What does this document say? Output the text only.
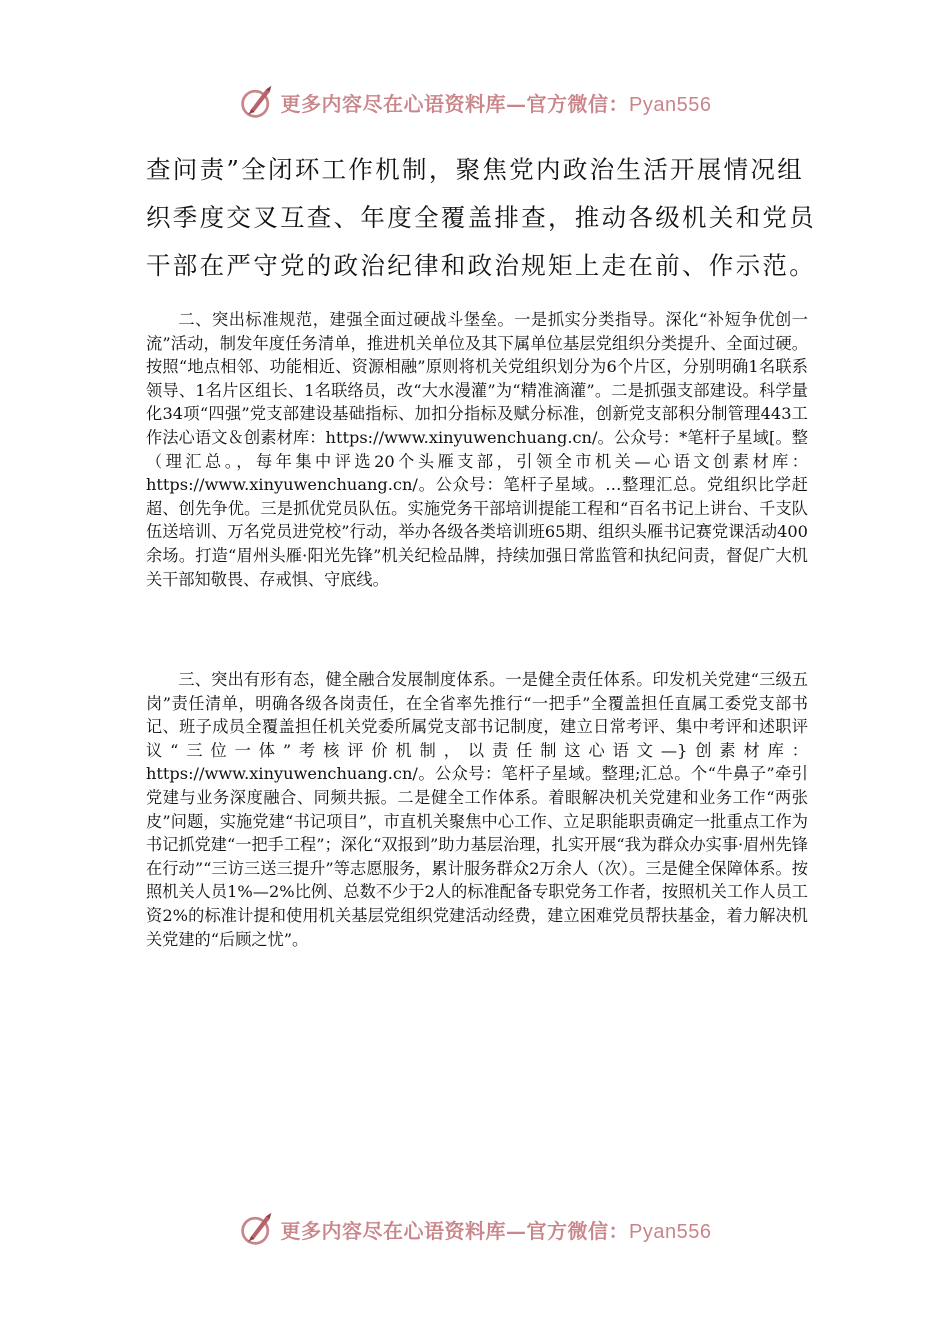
更多内容尽在心语资料库—官方微信：Pyan556

查问责”全闭环工作机制，聚焦党内政治生活开展情况组
织季度交叉互查、年度全覆盖排查，推动各级机关和党员
干部在严守党的政治纪律和政治规矩上走在前、作示范。

二、突出标准规范，建强全面过硬战斗堡垒。一是抓实分类指导。深化“补短争优创一流”活动，制发年度任务清单，推进机关单位及其下属单位基层党组织分类提升、全面过硬。按照“地点相邻、功能相近、资源相融”原则将机关党组织划分为6个片区，分别明确1名联系领导、1名片区组长、1名联络员，改“大水漫灌”为“精准滴灌”。二是抓强支部建设。科学量化34项“四强”党支部建设基础指标、加扣分指标及赋分标准，创新党支部积分制管理443工作法心语文＆创素材库：https://www.xinyuwenchuang.cn/。公众号：*笔杆子星域[。整（理汇总。，每年集中评选20个头雁支部，引领全市机关—心语文创素材库：https://www.xinyuwenchuang.cn/。公众号：笔杆子星域。…整理汇总。党组织比学赶超、创先争优。三是抓优党员队伍。实施党务干部培训提能工程和“百名书记上讲台、千支队伍送培训、万名党员进党校”行动，举办各级各类培训班65期、组织头雁书记赛党课活动400余场。打造“眉州头雁·阳光先锋”机关纪检品牌，持续加强日常监管和执纪问责，督促广大机关干部知敬畏、存戒惧、守底线。

三、突出有形有态，健全融合发展制度体系。一是健全责任体系。印发机关党建“三级五岗”责任清单，明确各级各岗责任，在全省率先推行“一把手”全覆盖担任直属工委党支部书记、班子成员全覆盖担任机关党委所属党支部书记制度，建立日常考评、集中考评和述职评议“三位一体”考核评价机制，以责任制这心语文—}创素材库：https://www.xinyuwenchuang.cn/。公众号：笔杆子星域。整理;汇总。个“牛鼻子”牵引党建与业务深度融合、同频共振。二是健全工作体系。着眼解决机关党建和业务工作“两张皮”问题，实施党建“书记项目”，市直机关聚焦中心工作、立足职能职责确定一批重点工作为书记抓党建“一把手工程”；深化“双报到”助力基层治理，扎实开展“我为群众办实事·眉州先锋在行动”“三访三送三提升”等志愿服务，累计服务群众2万余人（次）。三是健全保障体系。按照机关人员1%—2%比例、总数不少于2人的标准配备专职党务工作者，按照机关工作人员工资2%的标准计提和使用机关基层党组织党建活动经费，建立困难党员帮扶基金，着力解决机关党建的“后顾之忧”。

更多内容尽在心语资料库—官方微信：Pyan556
